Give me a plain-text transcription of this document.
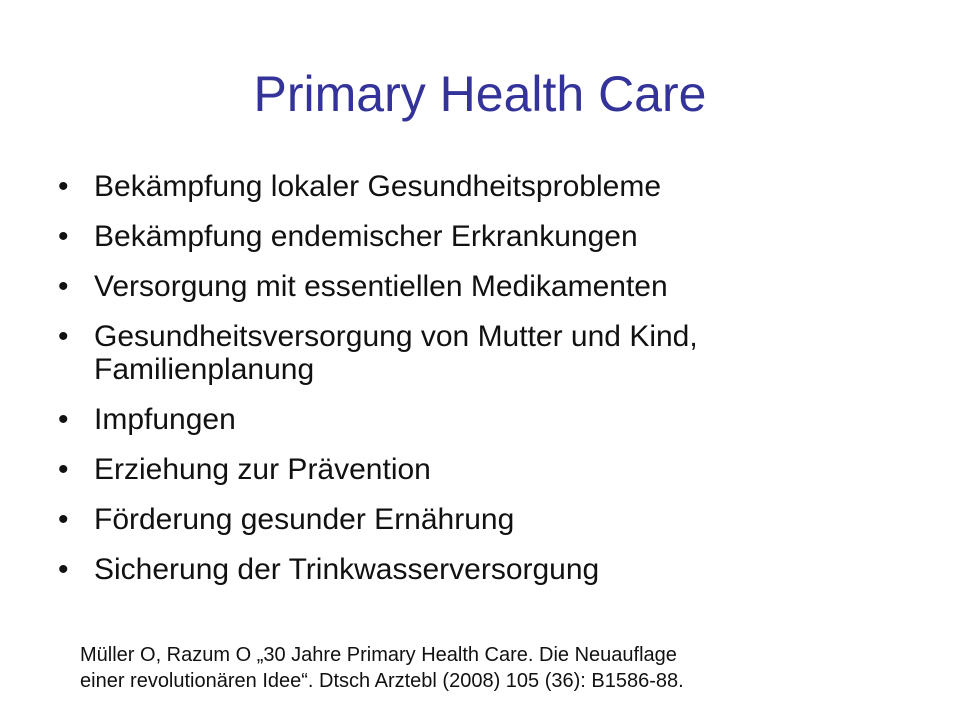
Primary Health Care
• Bekämpfung lokaler Gesundheitsprobleme
• Bekämpfung endemischer Erkrankungen
• Versorgung mit essentiellen Medikamenten
• Gesundheitsversorgung von Mutter und Kind, Familienplanung
• Impfungen
• Erziehung zur Prävention
• Förderung gesunder Ernährung
• Sicherung der Trinkwasserversorgung
Müller O, Razum O „30 Jahre Primary Health Care. Die Neuauflage
einer revolutionären Idee“. Dtsch Arztebl (2008) 105 (36): B1586-88.
